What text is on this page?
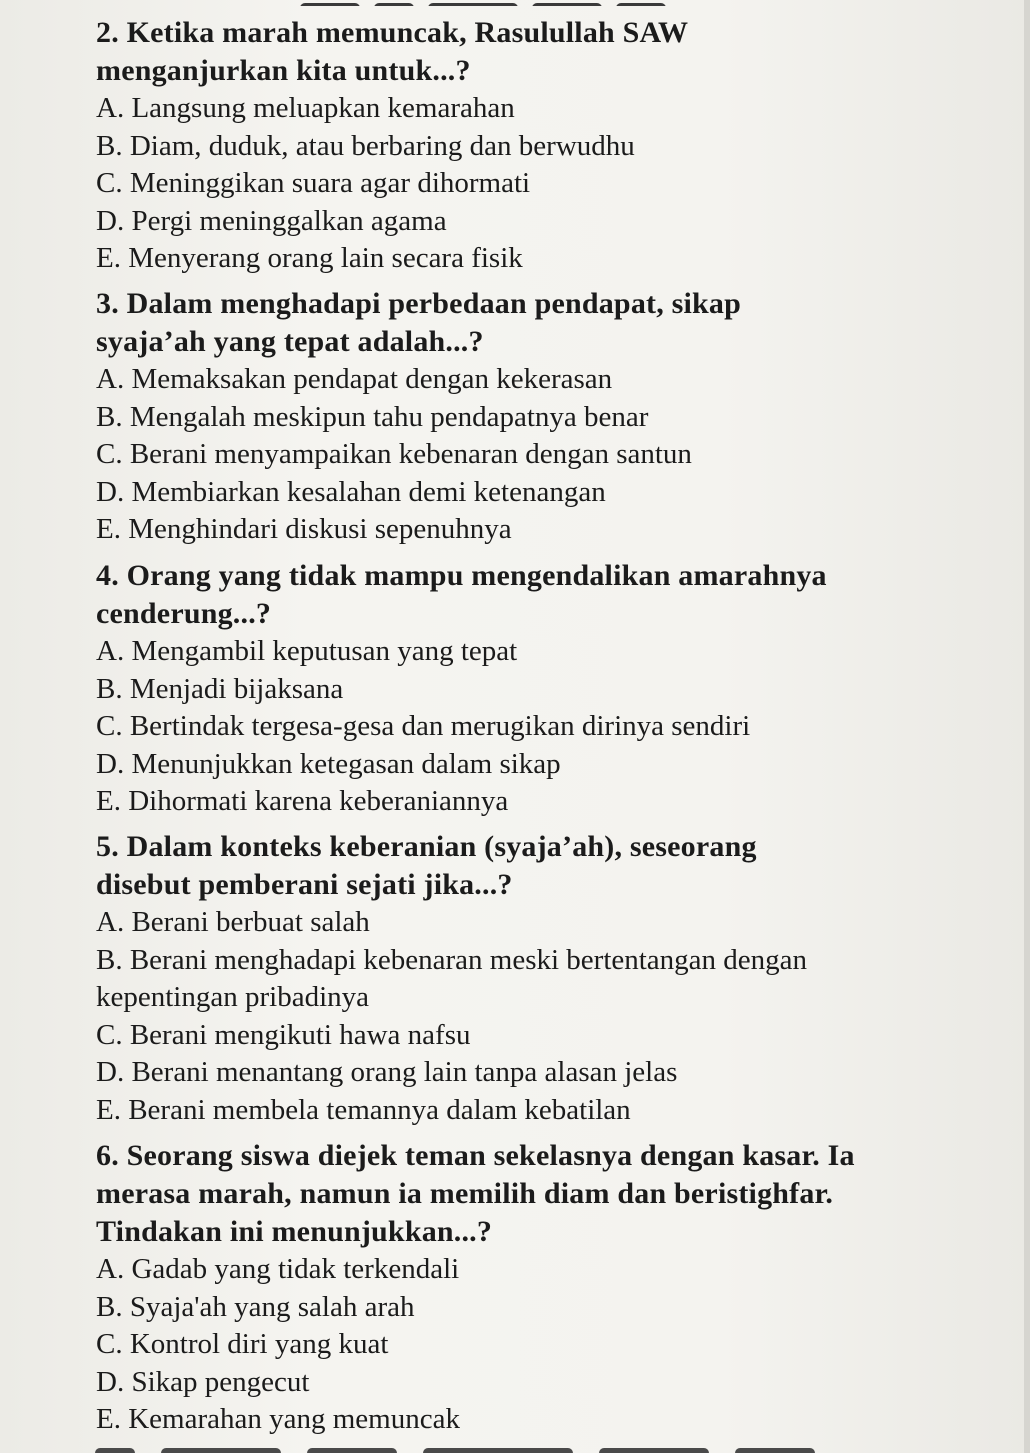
2. Ketika marah memuncak, Rasulullah SAW
menganjurkan kita untuk...?
A. Langsung meluapkan kemarahan
B. Diam, duduk, atau berbaring dan berwudhu
C. Meninggikan suara agar dihormati
D. Pergi meninggalkan agama
E. Menyerang orang lain secara fisik
3. Dalam menghadapi perbedaan pendapat, sikap
syaja’ah yang tepat adalah...?
A. Memaksakan pendapat dengan kekerasan
B. Mengalah meskipun tahu pendapatnya benar
C. Berani menyampaikan kebenaran dengan santun
D. Membiarkan kesalahan demi ketenangan
E. Menghindari diskusi sepenuhnya
4. Orang yang tidak mampu mengendalikan amarahnya
cenderung...?
A. Mengambil keputusan yang tepat
B. Menjadi bijaksana
C. Bertindak tergesa-gesa dan merugikan dirinya sendiri
D. Menunjukkan ketegasan dalam sikap
E. Dihormati karena keberaniannya
5. Dalam konteks keberanian (syaja’ah), seseorang
disebut pemberani sejati jika...?
A. Berani berbuat salah
B. Berani menghadapi kebenaran meski bertentangan dengan
kepentingan pribadinya
C. Berani mengikuti hawa nafsu
D. Berani menantang orang lain tanpa alasan jelas
E. Berani membela temannya dalam kebatilan
6. Seorang siswa diejek teman sekelasnya dengan kasar. Ia
merasa marah, namun ia memilih diam dan beristighfar.
Tindakan ini menunjukkan...?
A. Gadab yang tidak terkendali
B. Syaja'ah yang salah arah
C. Kontrol diri yang kuat
D. Sikap pengecut
E. Kemarahan yang memuncak
